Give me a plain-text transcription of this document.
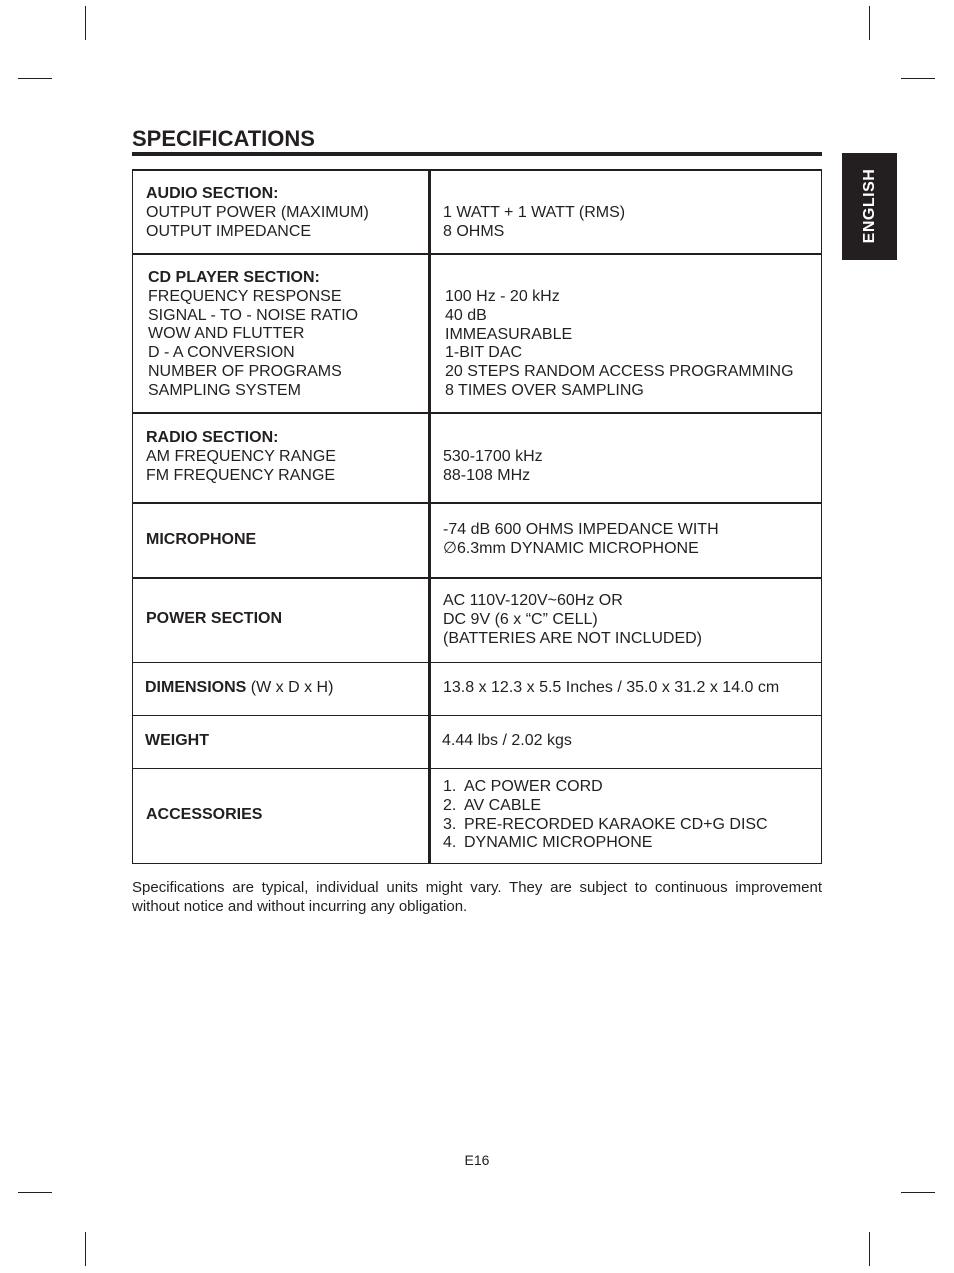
SPECIFICATIONS
ENGLISH
AUDIO SECTION:
OUTPUT POWER (MAXIMUM)
OUTPUT IMPEDANCE
1 WATT + 1 WATT (RMS)
8 OHMS
CD PLAYER SECTION:
FREQUENCY RESPONSE
SIGNAL - TO - NOISE RATIO
WOW AND FLUTTER
D - A CONVERSION
NUMBER OF PROGRAMS
SAMPLING SYSTEM
100 Hz - 20 kHz
40 dB
IMMEASURABLE
1-BIT DAC
20 STEPS RANDOM ACCESS PROGRAMMING
8 TIMES OVER SAMPLING
RADIO SECTION:
AM FREQUENCY RANGE
FM FREQUENCY RANGE
530-1700 kHz
88-108 MHz
MICROPHONE
-74 dB 600 OHMS IMPEDANCE WITH
∅6.3mm DYNAMIC MICROPHONE
POWER SECTION
AC 110V-120V~60Hz OR
DC 9V (6 x “C” CELL)
(BATTERIES ARE NOT INCLUDED)
DIMENSIONS (W x D x H)	13.8 x 12.3 x 5.5 Inches / 35.0 x 31.2 x 14.0 cm
WEIGHT	4.44 lbs / 2.02 kgs
ACCESSORIES
1. AC POWER CORD
2. AV CABLE
3. PRE-RECORDED KARAOKE CD+G DISC
4. DYNAMIC MICROPHONE
Specifications are typical, individual units might vary. They are subject to continuous improvement without notice and without incurring any obligation.
E16
